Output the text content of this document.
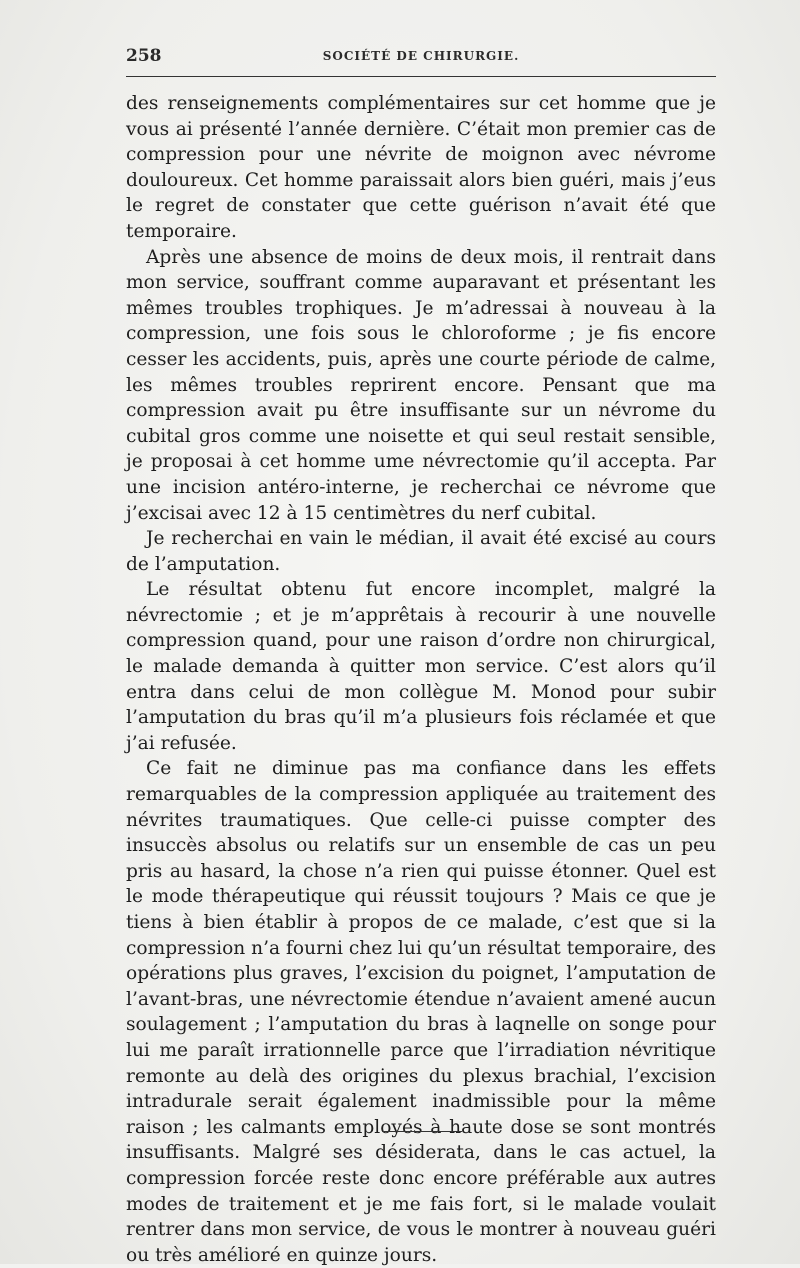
258	SOCIÉTÉ DE CHIRURGIE.

des renseignements complémentaires sur cet homme que je vous ai présenté l’année dernière. C’était mon premier cas de compression pour une névrite de moignon avec névrome douloureux. Cet homme paraissait alors bien guéri, mais j’eus le regret de constater que cette guérison n’avait été que temporaire.

Après une absence de moins de deux mois, il rentrait dans mon service, souffrant comme auparavant et présentant les mêmes troubles trophiques. Je m’adressai à nouveau à la compression, une fois sous le chloroforme ; je fis encore cesser les accidents, puis, après une courte période de calme, les mêmes troubles reprirent encore. Pensant que ma compression avait pu être insuffisante sur un névrome du cubital gros comme une noisette et qui seul restait sensible, je proposai à cet homme ume névrectomie qu’il accepta. Par une incision antéro-interne, je recherchai ce névrome que j’excisai avec 12 à 15 centimètres du nerf cubital.

Je recherchai en vain le médian, il avait été excisé au cours de l’amputation.

Le résultat obtenu fut encore incomplet, malgré la névrectomie ; et je m’apprêtais à recourir à une nouvelle compression quand, pour une raison d’ordre non chirurgical, le malade demanda à quitter mon service. C’est alors qu’il entra dans celui de mon collègue M. Monod pour subir l’amputation du bras qu’il m’a plusieurs fois réclamée et que j’ai refusée.

Ce fait ne diminue pas ma confiance dans les effets remarquables de la compression appliquée au traitement des névrites traumatiques. Que celle-ci puisse compter des insuccès absolus ou relatifs sur un ensemble de cas un peu pris au hasard, la chose n’a rien qui puisse étonner. Quel est le mode thérapeutique qui réussit toujours ? Mais ce que je tiens à bien établir à propos de ce malade, c’est que si la compression n’a fourni chez lui qu’un résultat temporaire, des opérations plus graves, l’excision du poignet, l’amputation de l’avant-bras, une névrectomie étendue n’avaient amené aucun soulagement ; l’amputation du bras à laqnelle on songe pour lui me paraît irrationnelle parce que l’irradiation névritique remonte au delà des origines du plexus brachial, l’excision intradurale serait également inadmissible pour la même raison ; les calmants employés à haute dose se sont montrés insuffisants. Malgré ses désiderata, dans le cas actuel, la compression forcée reste donc encore préférable aux autres modes de traitement et je me fais fort, si le malade voulait rentrer dans mon service, de vous le montrer à nouveau guéri ou très amélioré en quinze jours.
